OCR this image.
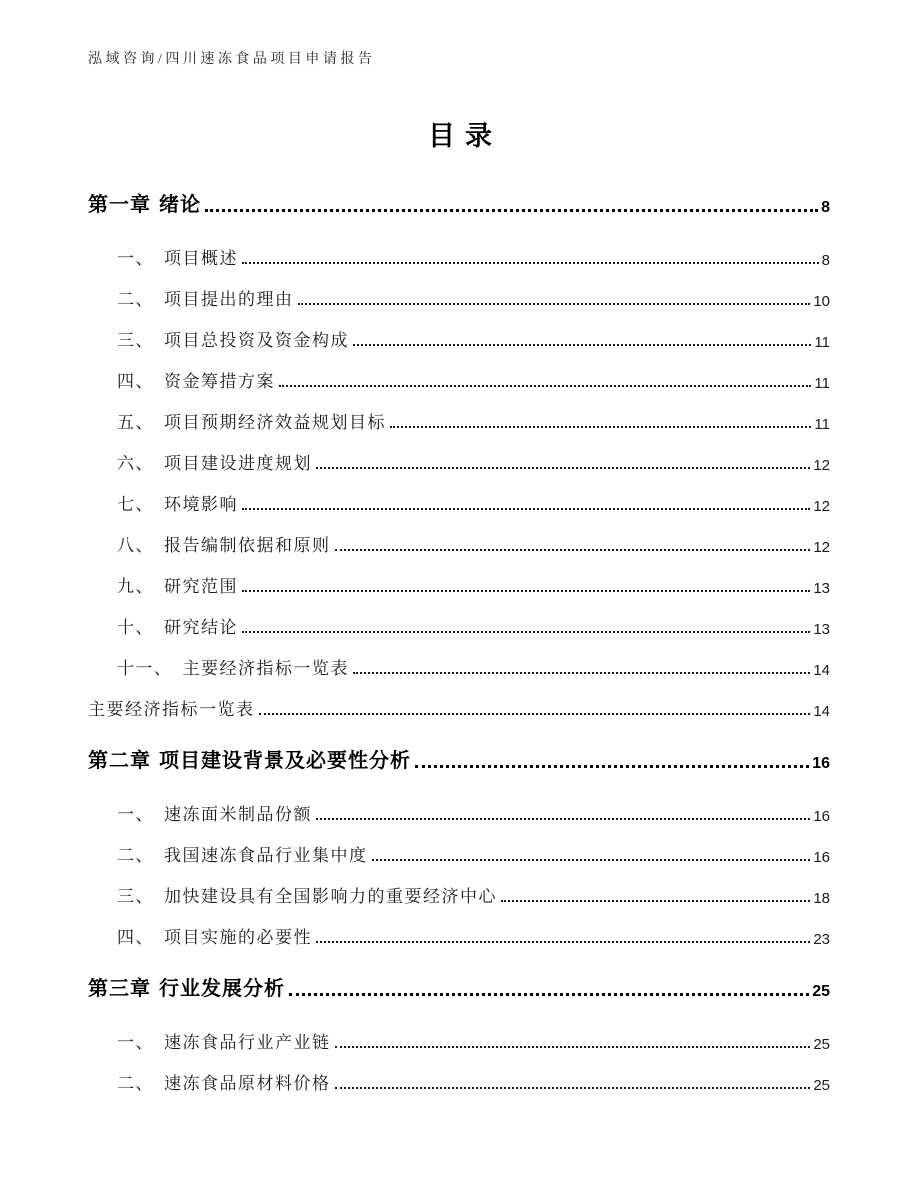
泓域咨询/四川速冻食品项目申请报告
目录
第一章 绪论	8
一、 项目概述	8
二、 项目提出的理由	10
三、 项目总投资及资金构成	11
四、 资金筹措方案	11
五、 项目预期经济效益规划目标	11
六、 项目建设进度规划	12
七、 环境影响	12
八、 报告编制依据和原则	12
九、 研究范围	13
十、 研究结论	13
十一、 主要经济指标一览表	14
主要经济指标一览表	14
第二章 项目建设背景及必要性分析	16
一、 速冻面米制品份额	16
二、 我国速冻食品行业集中度	16
三、 加快建设具有全国影响力的重要经济中心	18
四、 项目实施的必要性	23
第三章 行业发展分析	25
一、 速冻食品行业产业链	25
二、 速冻食品原材料价格	25
